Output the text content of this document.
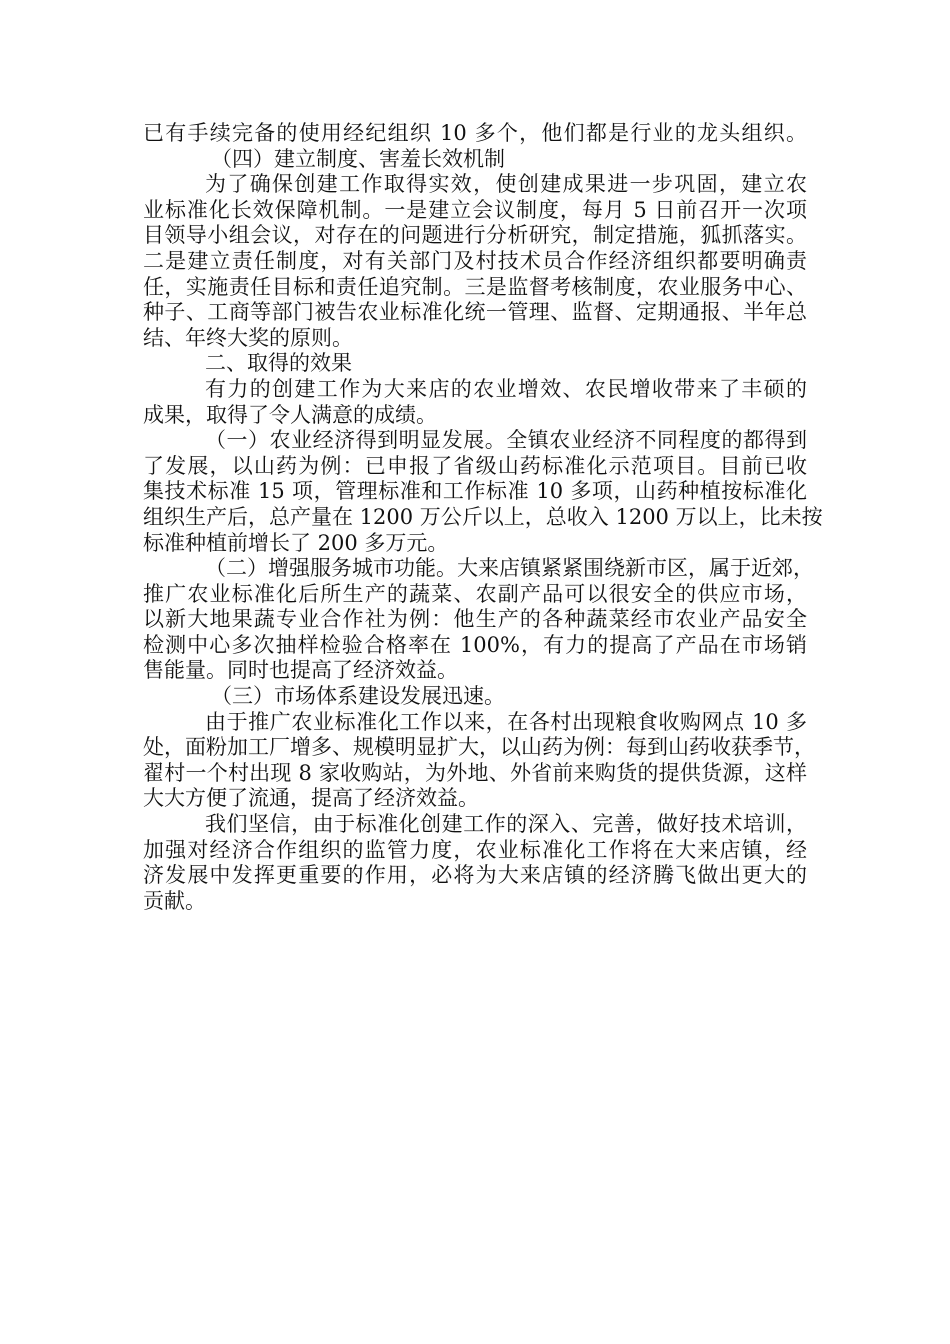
已有手续完备的使用经纪组织 10 多个，他们都是行业的龙头组织。
（四）建立制度、害羞长效机制
为了确保创建工作取得实效，使创建成果进一步巩固，建立农
业标准化长效保障机制。一是建立会议制度，每月 5 日前召开一次项
目领导小组会议，对存在的问题进行分析研究，制定措施，狐抓落实。
二是建立责任制度，对有关部门及村技术员合作经济组织都要明确责
任，实施责任目标和责任追究制。三是监督考核制度，农业服务中心、
种子、工商等部门被告农业标准化统一管理、监督、定期通报、半年总
结、年终大奖的原则。
二、取得的效果
有力的创建工作为大来店的农业增效、农民增收带来了丰硕的
成果，取得了令人满意的成绩。
（一）农业经济得到明显发展。全镇农业经济不同程度的都得到
了发展，以山药为例：已申报了省级山药标准化示范项目。目前已收
集技术标准 15 项，管理标准和工作标准 10 多项，山药种植按标准化
组织生产后，总产量在 1200 万公斤以上，总收入 1200 万以上，比未按
标准种植前增长了 200 多万元。
（二）增强服务城市功能。大来店镇紧紧围绕新市区，属于近郊，
推广农业标准化后所生产的蔬菜、农副产品可以很安全的供应市场，
以新大地果蔬专业合作社为例：他生产的各种蔬菜经市农业产品安全
检测中心多次抽样检验合格率在 100%，有力的提高了产品在市场销
售能量。同时也提高了经济效益。
（三）市场体系建设发展迅速。
由于推广农业标准化工作以来，在各村出现粮食收购网点 10 多
处，面粉加工厂增多、规模明显扩大，以山药为例：每到山药收获季节，
翟村一个村出现 8 家收购站，为外地、外省前来购货的提供货源，这样
大大方便了流通，提高了经济效益。
我们坚信，由于标准化创建工作的深入、完善，做好技术培训，
加强对经济合作组织的监管力度，农业标准化工作将在大来店镇，经
济发展中发挥更重要的作用，必将为大来店镇的经济腾飞做出更大的
贡献。
